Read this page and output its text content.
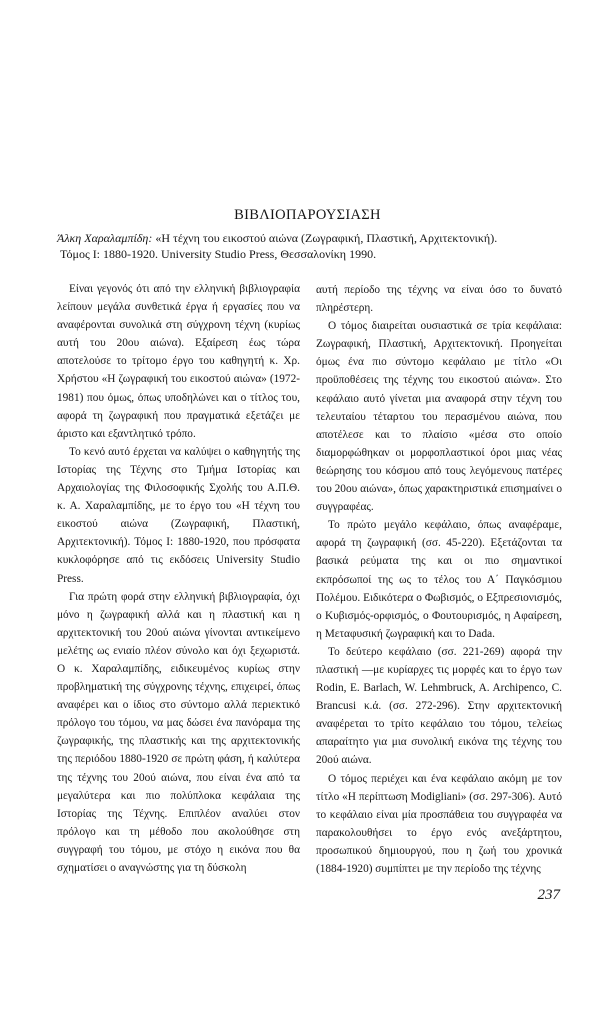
ΒΙΒΛΙΟΠΑΡΟΥΣΙΑΣΗ
Άλκη Χαραλαμπίδη: «Η τέχνη του εικοστού αιώνα (Ζωγραφική, Πλαστική, Αρχιτεκτονική).
Τόμος Ι: 1880-1920. University Studio Press, Θεσσαλονίκη 1990.

Είναι γεγονός ότι από την ελληνική βιβλιογραφία λείπουν μεγάλα συνθετικά έργα ή εργασίες που να αναφέρονται συνολικά στη σύγχρονη τέχνη (κυρίως αυτή του 20ου αιώνα). Εξαίρεση έως τώρα αποτελούσε το τρίτομο έργο του καθηγητή κ. Χρ. Χρήστου «Η ζωγραφική του εικοστού αιώνα» (1972-1981) που όμως, όπως υποδηλώνει και ο τίτλος του, αφορά τη ζωγραφική που πραγματικά εξετάζει με άριστο και εξαντλητικό τρόπο.

Το κενό αυτό έρχεται να καλύψει ο καθηγητής της Ιστορίας της Τέχνης στο Τμήμα Ιστορίας και Αρχαιολογίας της Φιλοσοφικής Σχολής του Α.Π.Θ. κ. Α. Χαραλαμπίδης, με το έργο του «Η τέχνη του εικοστού αιώνα (Ζωγραφική, Πλαστική, Αρχιτεκτονική). Τόμος Ι: 1880-1920, που πρόσφατα κυκλοφόρησε από τις εκδόσεις University Studio Press.

Για πρώτη φορά στην ελληνική βιβλιογραφία, όχι μόνο η ζωγραφική αλλά και η πλαστική και η αρχιτεκτονική του 20ού αιώνα γίνονται αντικείμενο μελέτης ως ενιαίο πλέον σύνολο και όχι ξεχωριστά. Ο κ. Χαραλαμπίδης, ειδικευμένος κυρίως στην προβληματική της σύγχρονης τέχνης, επιχειρεί, όπως αναφέρει και ο ίδιος στο σύντομο αλλά περιεκτικό πρόλογο του τόμου, να μας δώσει ένα πανόραμα της ζωγραφικής, της πλαστικής και της αρχιτεκτονικής της περιόδου 1880-1920 σε πρώτη φάση, ή καλύτερα της τέχνης του 20ού αιώνα, που είναι ένα από τα μεγαλύτερα και πιο πολύπλοκα κεφάλαια της Ιστορίας της Τέχνης. Επιπλέον αναλύει στον πρόλογο και τη μέθοδο που ακολούθησε στη συγγραφή του τόμου, με στόχο η εικόνα που θα σχηματίσει ο αναγνώστης για τη δύσκολη

αυτή περίοδο της τέχνης να είναι όσο το δυνατό πληρέστερη.

Ο τόμος διαιρείται ουσιαστικά σε τρία κεφάλαια: Ζωγραφική, Πλαστική, Αρχιτεκτονική. Προηγείται όμως ένα πιο σύντομο κεφάλαιο με τίτλο «Οι προϋποθέσεις της τέχνης του εικοστού αιώνα». Στο κεφάλαιο αυτό γίνεται μια αναφορά στην τέχνη του τελευταίου τέταρτου του περασμένου αιώνα, που αποτέλεσε και το πλαίσιο «μέσα στο οποίο διαμορφώθηκαν οι μορφοπλαστικοί όροι μιας νέας θεώρησης του κόσμου από τους λεγόμενους πατέρες του 20ου αιώνα», όπως χαρακτηριστικά επισημαίνει ο συγγραφέας.

Το πρώτο μεγάλο κεφάλαιο, όπως αναφέραμε, αφορά τη ζωγραφική (σσ. 45-220). Εξετάζονται τα βασικά ρεύματα της και οι πιο σημαντικοί εκπρόσωποί της ως το τέλος του Α΄ Παγκόσμιου Πολέμου. Ειδικότερα ο Φωβισμός, ο Εξπρεσιονισμός, ο Κυβισμός-ορφισμός, ο Φουτουρισμός, η Αφαίρεση, η Μεταφυσική ζωγραφική και το Dada.

Το δεύτερο κεφάλαιο (σσ. 221-269) αφορά την πλαστική —με κυρίαρχες τις μορφές και το έργο των Rodin, E. Barlach, W. Lehmbruck, A. Archipenco, C. Brancusi κ.ά. (σσ. 272-296). Στην αρχιτεκτονική αναφέρεται το τρίτο κεφάλαιο του τόμου, τελείως απαραίτητο για μια συνολική εικόνα της τέχνης του 20ού αιώνα.

Ο τόμος περιέχει και ένα κεφάλαιο ακόμη με τον τίτλο «Η περίπτωση Modigliani» (σσ. 297-306). Αυτό το κεφάλαιο είναι μία προσπάθεια του συγγραφέα να παρακολουθήσει το έργο ενός ανεξάρτητου, προσωπικού δημιουργού, που η ζωή του χρονικά (1884-1920) συμπίπτει με την περίοδο της τέχνης

237
